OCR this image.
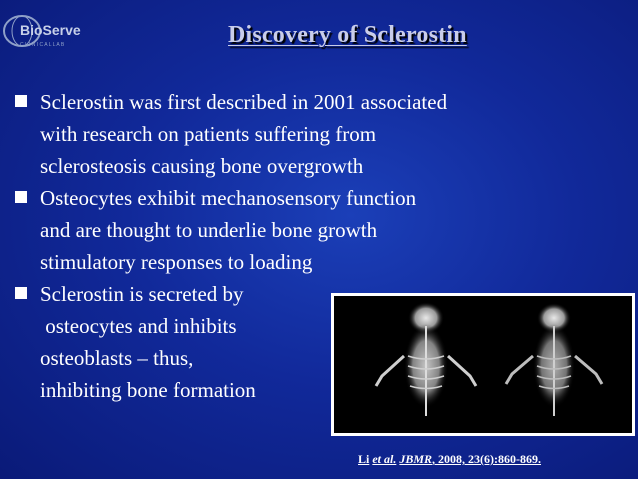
BioServe
C L I N I C A L L A B	Discovery of Sclerostin
Sclerostin was first described in 2001 associated
with research on patients suffering from
sclerosteosis causing bone overgrowth
Osteocytes exhibit mechanosensory function
and are thought to underlie bone growth
stimulatory responses to loading
Sclerostin is secreted by
osteocytes and inhibits
osteoblasts – thus,
inhibiting bone formation
Li et al. JBMR, 2008, 23(6):860-869.
